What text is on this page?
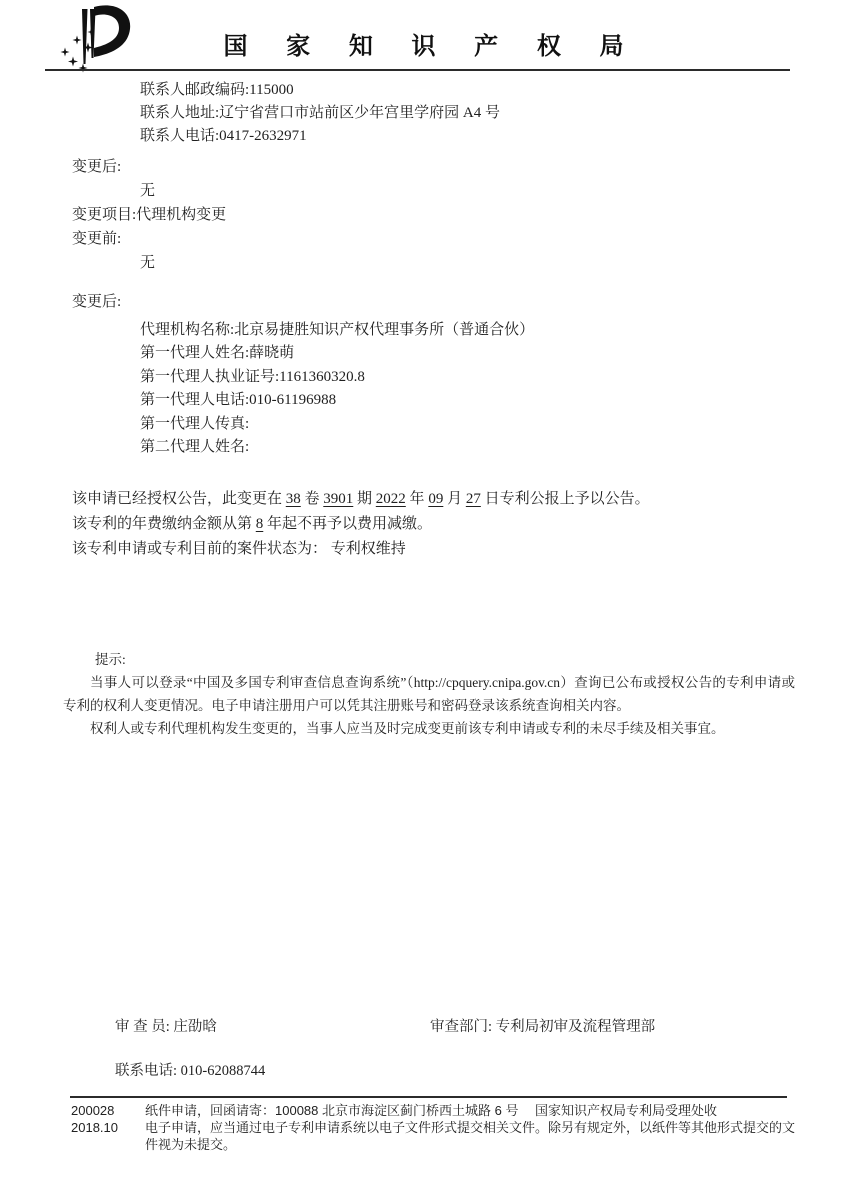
国 家 知 识 产 权 局
联系人邮政编码:115000
联系人地址:辽宁省营口市站前区少年宫里学府园 A4 号
联系人电话:0417-2632971
变更后:
无
变更项目:代理机构变更
变更前:
无
变更后:
代理机构名称:北京易捷胜知识产权代理事务所（普通合伙）
第一代理人姓名:薛晓萌
第一代理人执业证号:1161360320.8
第一代理人电话:010-61196988
第一代理人传真:
第二代理人姓名:
该申请已经授权公告，此变更在 38 卷 3901 期 2022 年 09 月 27 日专利公报上予以公告。
该专利的年费缴纳金额从第 8 年起不再予以费用减缴。
该专利申请或专利目前的案件状态为： 专利权维持
提示:

当事人可以登录“中国及多国专利审查信息查询系统”（http://cpquery.cnipa.gov.cn）查询已公布或授权公告的专利申请或专利的权利人变更情况。电子申请注册用户可以凭其注册账号和密码登录该系统查询相关内容。

权利人或专利代理机构发生变更的，当事人应当及时完成变更前该专利申请或专利的未尽手续及相关事宜。

审 查 员: 庄劭晗	审查部门: 专利局初审及流程管理部
联系电话: 010-62088744
200028
2018.10
纸件申请，回函请寄：100088 北京市海淀区蓟门桥西土城路 6 号　 国家知识产权局专利局受理处收
电子申请，应当通过电子专利申请系统以电子文件形式提交相关文件。除另有规定外，以纸件等其他形式提交的文件视为未提交。
